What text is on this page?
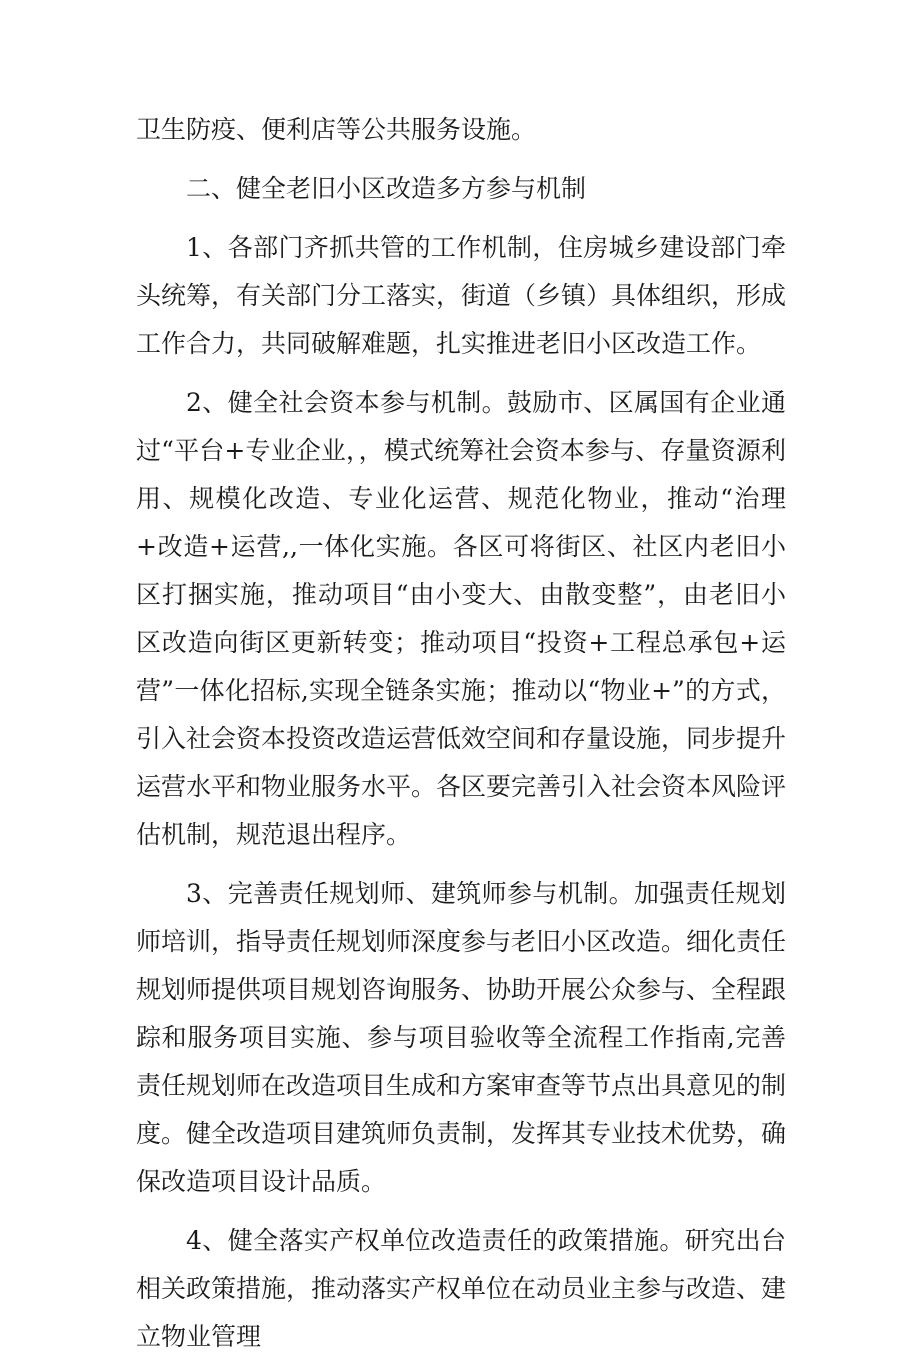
卫生防疫、便利店等公共服务设施。

二、健全老旧小区改造多方参与机制

1、各部门齐抓共管的工作机制，住房城乡建设部门牵头统筹，有关部门分工落实，街道（乡镇）具体组织，形成工作合力，共同破解难题，扎实推进老旧小区改造工作。

2、健全社会资本参与机制。鼓励市、区属国有企业通过“平台+专业企业，，模式统筹社会资本参与、存量资源利用、规模化改造、专业化运营、规范化物业，推动“治理+改造+运营,,一体化实施。各区可将街区、社区内老旧小区打捆实施，推动项目“由小变大、由散变整”，由老旧小区改造向街区更新转变；推动项目“投资+工程总承包+运营”一体化招标,实现全链条实施；推动以“物业+”的方式，引入社会资本投资改造运营低效空间和存量设施，同步提升运营水平和物业服务水平。各区要完善引入社会资本风险评估机制，规范退出程序。

3、完善责任规划师、建筑师参与机制。加强责任规划师培训，指导责任规划师深度参与老旧小区改造。细化责任规划师提供项目规划咨询服务、协助开展公众参与、全程跟踪和服务项目实施、参与项目验收等全流程工作指南,完善责任规划师在改造项目生成和方案审查等节点出具意见的制度。健全改造项目建筑师负责制，发挥其专业技术优势，确保改造项目设计品质。

4、健全落实产权单位改造责任的政策措施。研究出台相关政策措施，推动落实产权单位在动员业主参与改造、建立物业管理
